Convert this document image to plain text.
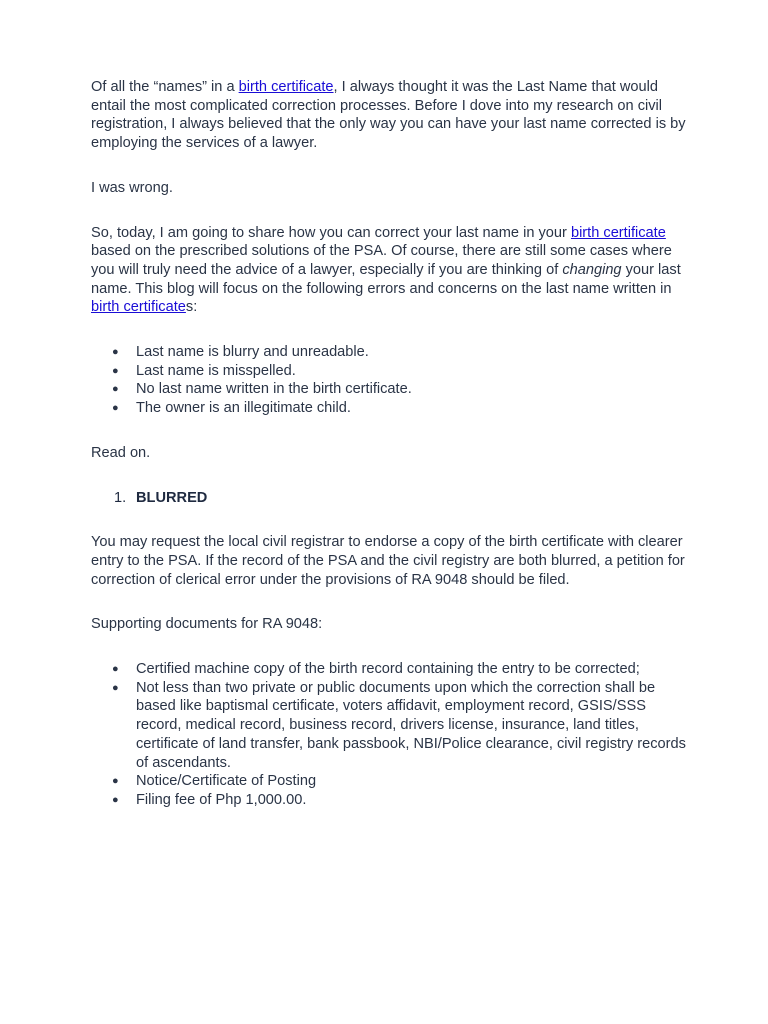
Of all the “names” in a birth certificate, I always thought it was the Last Name that would entail the most complicated correction processes. Before I dove into my research on civil registration, I always believed that the only way you can have your last name corrected is by employing the services of a lawyer.

I was wrong.

So, today, I am going to share how you can correct your last name in your birth certificate based on the prescribed solutions of the PSA. Of course, there are still some cases where you will truly need the advice of a lawyer, especially if you are thinking of changing your last name. This blog will focus on the following errors and concerns on the last name written in birth certificates:

● Last name is blurry and unreadable.
● Last name is misspelled.
● No last name written in the birth certificate.
● The owner is an illegitimate child.

Read on.

1. BLURRED

You may request the local civil registrar to endorse a copy of the birth certificate with clearer entry to the PSA. If the record of the PSA and the civil registry are both blurred, a petition for correction of clerical error under the provisions of RA 9048 should be filed.

Supporting documents for RA 9048:

● Certified machine copy of the birth record containing the entry to be corrected;
● Not less than two private or public documents upon which the correction shall be based like baptismal certificate, voters affidavit, employment record, GSIS/SSS record, medical record, business record, drivers license, insurance, land titles, certificate of land transfer, bank passbook, NBI/Police clearance, civil registry records of ascendants.
● Notice/Certificate of Posting
● Filing fee of Php 1,000.00.
